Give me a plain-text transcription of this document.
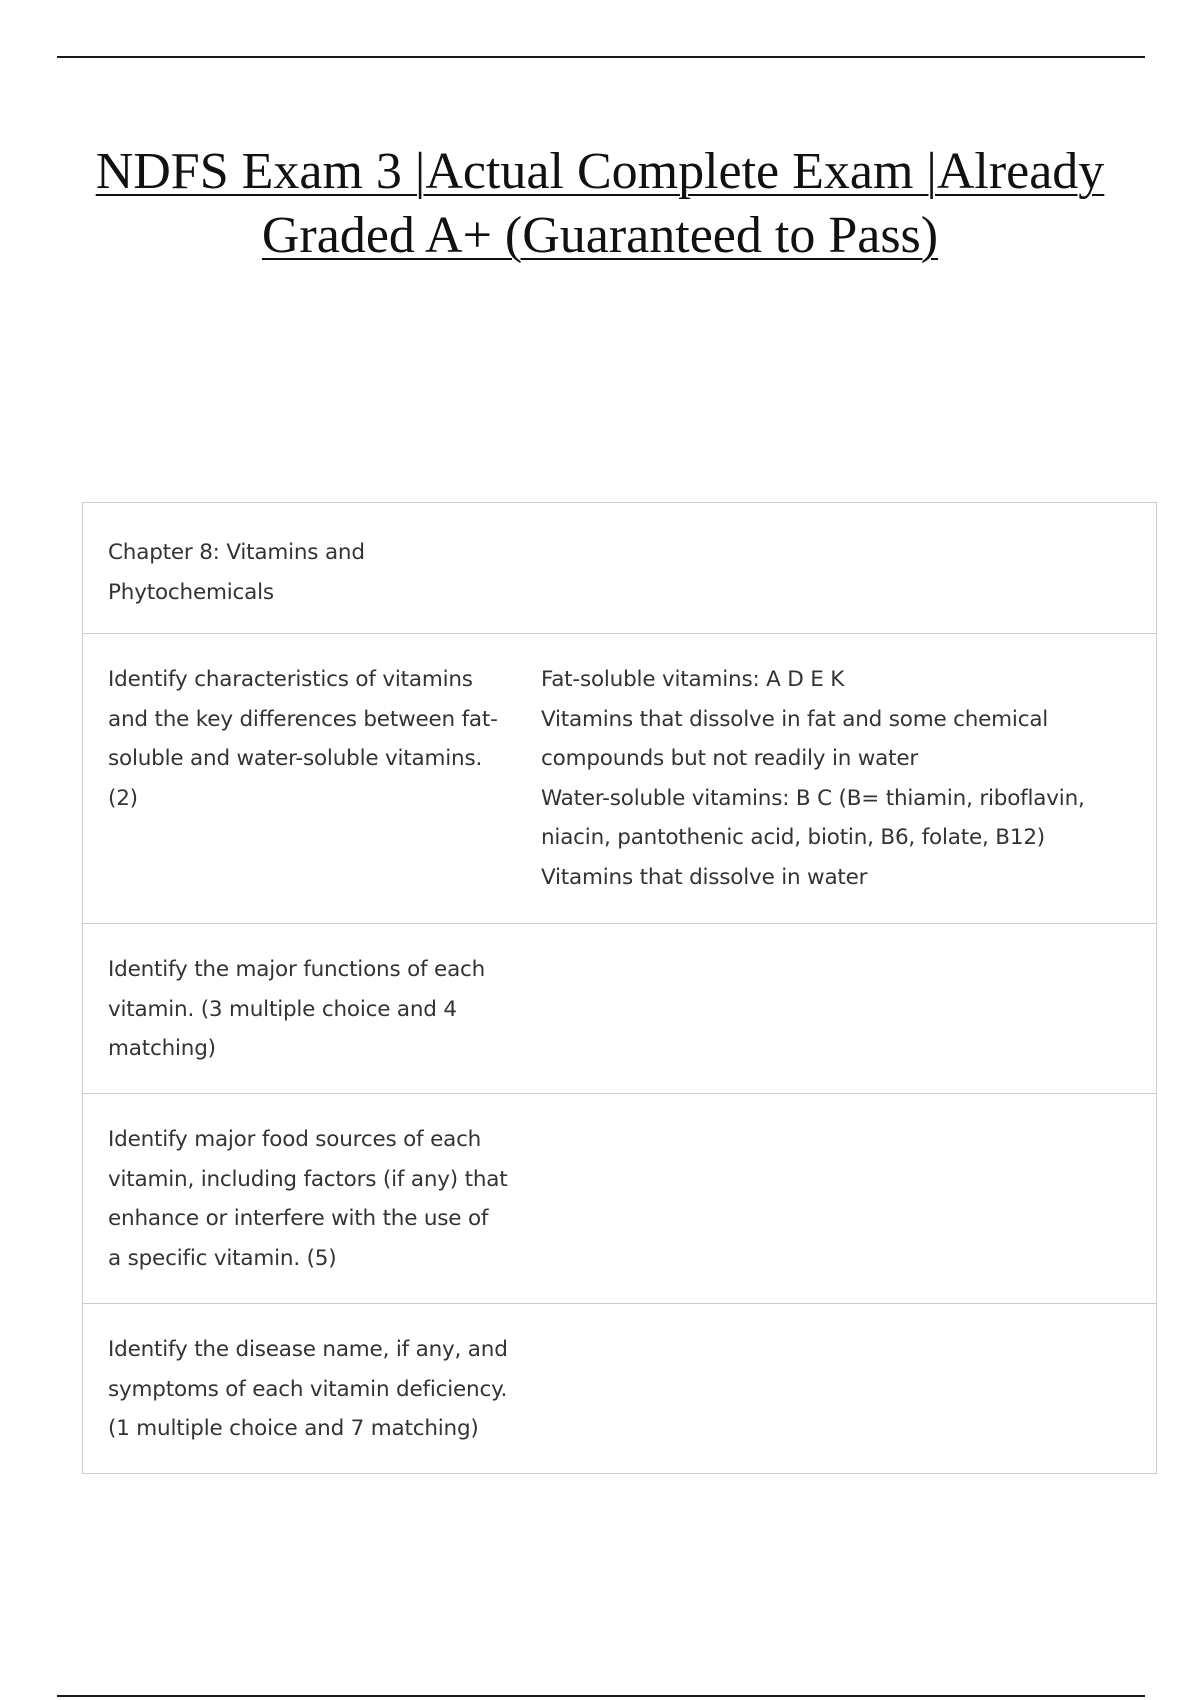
NDFS Exam 3 |Actual Complete Exam |Already
Graded A+ (Guaranteed to Pass)
Chapter 8: Vitamins and
Phytochemicals
Identify characteristics of vitamins
and the key differences between fat-
soluble and water-soluble vitamins.
(2)
Fat-soluble vitamins: A D E K
Vitamins that dissolve in fat and some chemical
compounds but not readily in water
Water-soluble vitamins: B C (B= thiamin, riboflavin,
niacin, pantothenic acid, biotin, B6, folate, B12)
Vitamins that dissolve in water
Identify the major functions of each
vitamin. (3 multiple choice and 4
matching)
Identify major food sources of each
vitamin, including factors (if any) that
enhance or interfere with the use of
a specific vitamin. (5)
Identify the disease name, if any, and
symptoms of each vitamin deficiency.
(1 multiple choice and 7 matching)
